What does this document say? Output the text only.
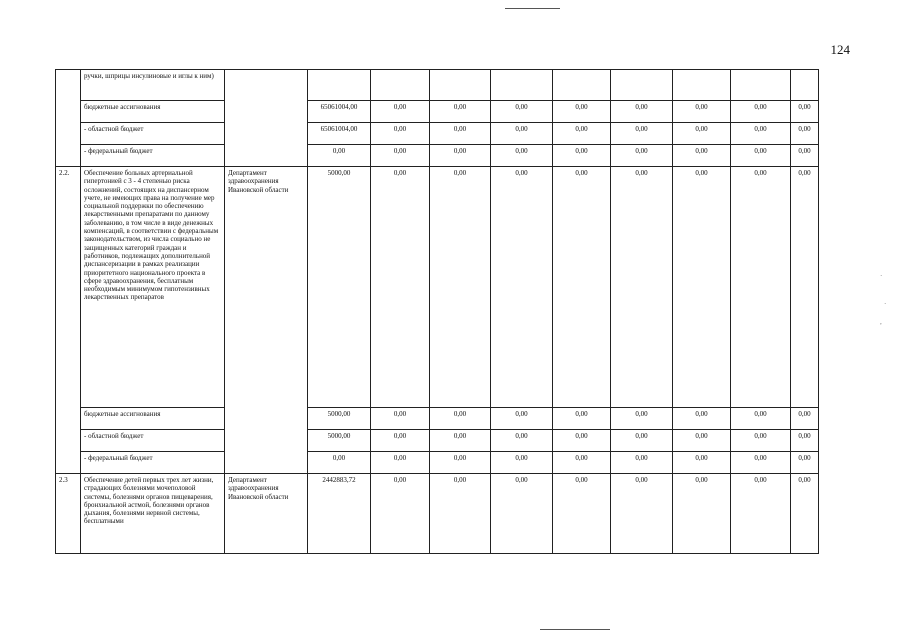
·
·
,
124
	ручки, шприцы инсулиновые и иглы к ним)										
	бюджетные ассигнования		65061004,00	0,00	0,00	0,00	0,00	0,00	0,00	0,00	0,00
	- областной бюджет		65061004,00	0,00	0,00	0,00	0,00	0,00	0,00	0,00	0,00
	- федеральный бюджет		0,00	0,00	0,00	0,00	0,00	0,00	0,00	0,00	0,00
2.2.	Обеспечение больных артериальной гипертонией с 3 - 4 степенью риска осложнений, состоящих на диспансерном учете, не имеющих права на получение мер социальной поддержки по обеспечению лекарственными препаратами по данному заболеванию, в том числе в виде денежных компенсаций, в соответствии с федеральным законодательством, из числа социально не защищенных категорий граждан и работников, подлежащих дополнительной диспансеризации в рамках реализации приоритетного национального проекта в сфере здравоохранения, бесплатным необходимым минимумом гипотензивных лекарственных препаратов	Департамент здравоохранения Ивановской области	5000,00	0,00	0,00	0,00	0,00	0,00	0,00	0,00	0,00
	бюджетные ассигнования		5000,00	0,00	0,00	0,00	0,00	0,00	0,00	0,00	0,00
	- областной бюджет		5000,00	0,00	0,00	0,00	0,00	0,00	0,00	0,00	0,00
	- федеральный бюджет		0,00	0,00	0,00	0,00	0,00	0,00	0,00	0,00	0,00
2.3	Обеспечение детей первых трех лет жизни, страдающих болезнями мочеполовой системы, болезнями органов пищеварения, бронхиальной астмой, болезнями органов дыхания, болезнями нервной системы, бесплатными	Департамент здравоохранения Ивановской области	2442883,72	0,00	0,00	0,00	0,00	0,00	0,00	0,00	0,00
